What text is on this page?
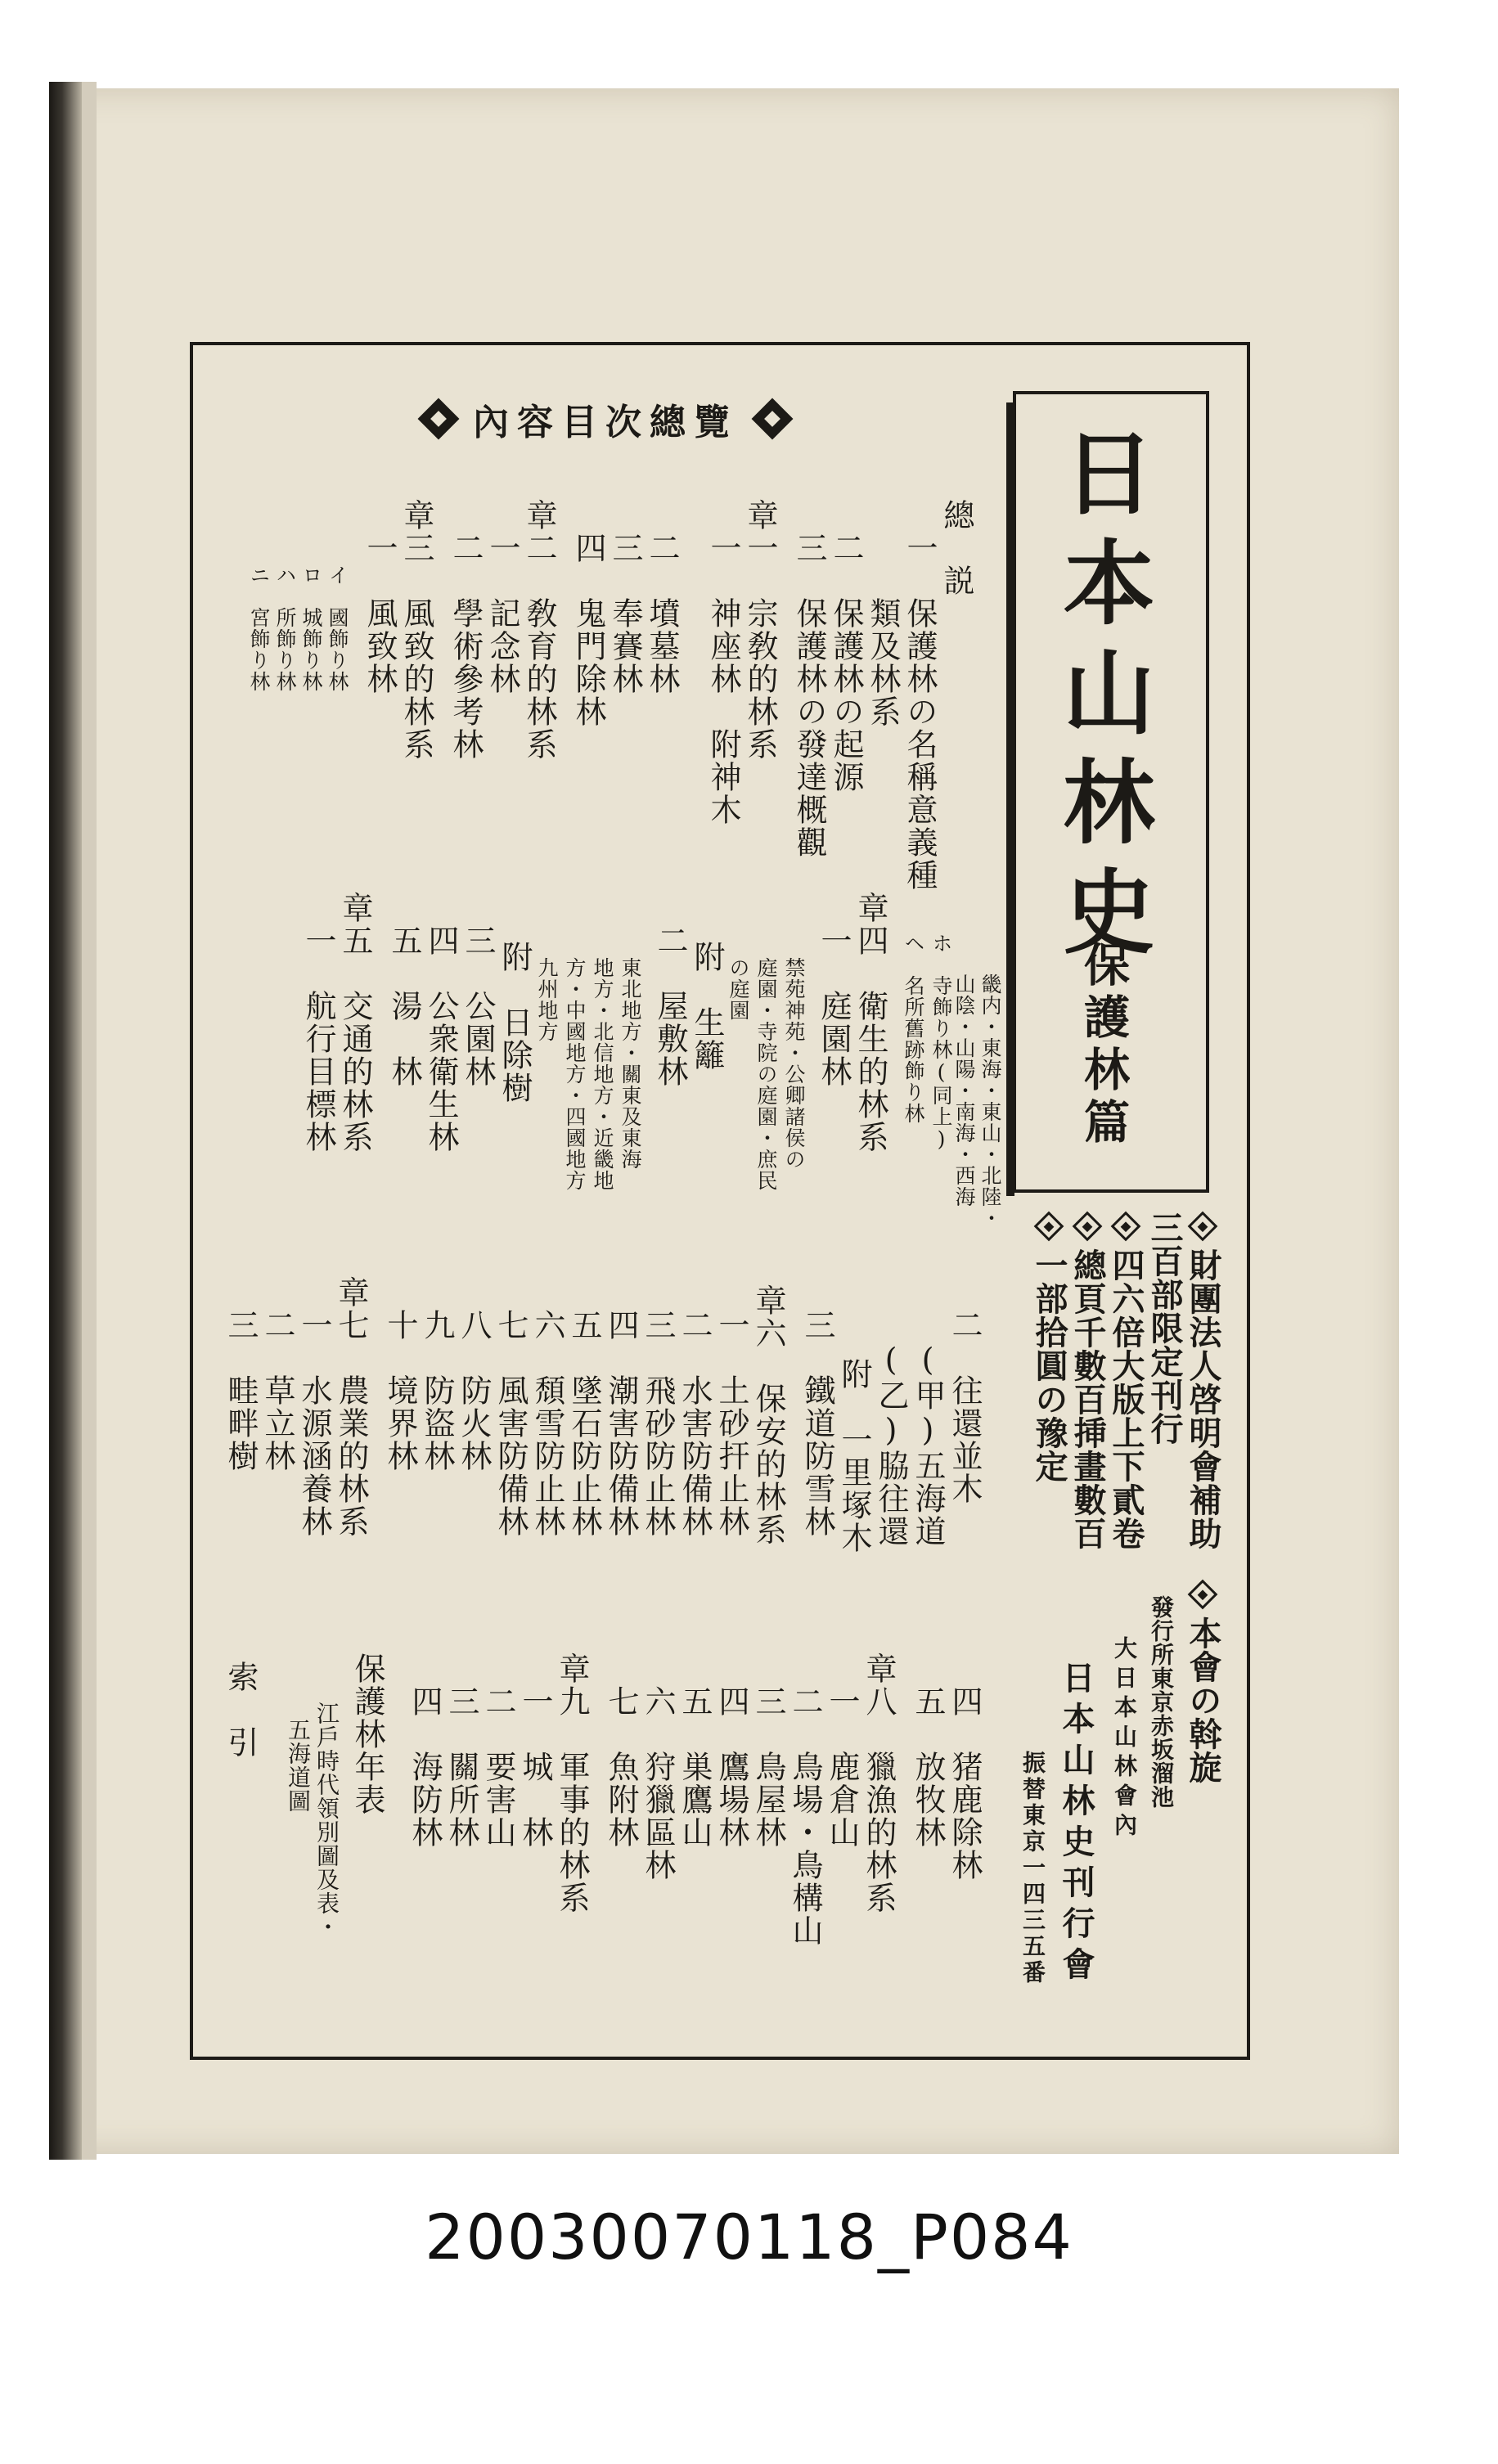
內容目次總覽
日本山林史
保護林篇
財團法人啓明會補助
三百部限定刊行
四六倍大版上下貳卷
總頁千數百挿畫數百
一部拾圓の豫定
本會の斡旋
發行所東京赤坂溜池
大日本山林會內
日本山林史刊行會
振替東京一四三五番
總　説
一　保護林の名稱意義種
　　類及林系
二　保護林の起源
三　保護林の發達概觀
章一　宗敎的林系
一　神座林　附神木
二　墳墓林
三　奉賽林
四　鬼門除林
章二　敎育的林系
一　記念林
二　學術參考林
章三　風致的林系
一　風致林
イ　國飾り林
ロ　城飾り林
ハ　所飾り林
ニ　宮飾り林
ホ　寺飾り林(同上)
ヘ　名所舊跡飾り林
章四　衛生的林系
一　庭園林
禁苑神苑・公卿諸侯の
庭園・寺院の庭園・庶民
の庭園
附　生籬
二　屋敷林
東北地方・關東及東海
地方・北信地方・近畿地
方・中國地方・四國地方
九州地方
附　日除樹
三　公園林
四　公衆衛生林
五　湯　林
章五　交通的林系
一　航行目標林	畿内・東海・東山・北陸・
山陰・山陽・南海・西海
二　往還並木
(甲)五海道
(乙)脇往還
附　一里塚木
三　鐵道防雪林
章六　保安的林系
一　土砂扞止林
二　水害防備林
三　飛砂防止林
四　潮害防備林
五　墜石防止林
六　頹雪防止林
七　風害防備林
八　防火林
九　防盜林
十　境界林
章七　農業的林系
一　水源涵養林
二　草立林
三　畦畔樹
四　猪鹿除林
五　放牧林
章八　獵漁的林系
一　鹿倉山
二　鳥場・鳥構山
三　鳥屋林
四　鷹場林
五　巣鷹山
六　狩獵區林
七　魚附林
章九　軍事的林系
一　城　林
二　要害山
三　關所林
四　海防林
保護林年表
江戶時代領別圖及表・
五海道圖
索　引
20030070118_P084
